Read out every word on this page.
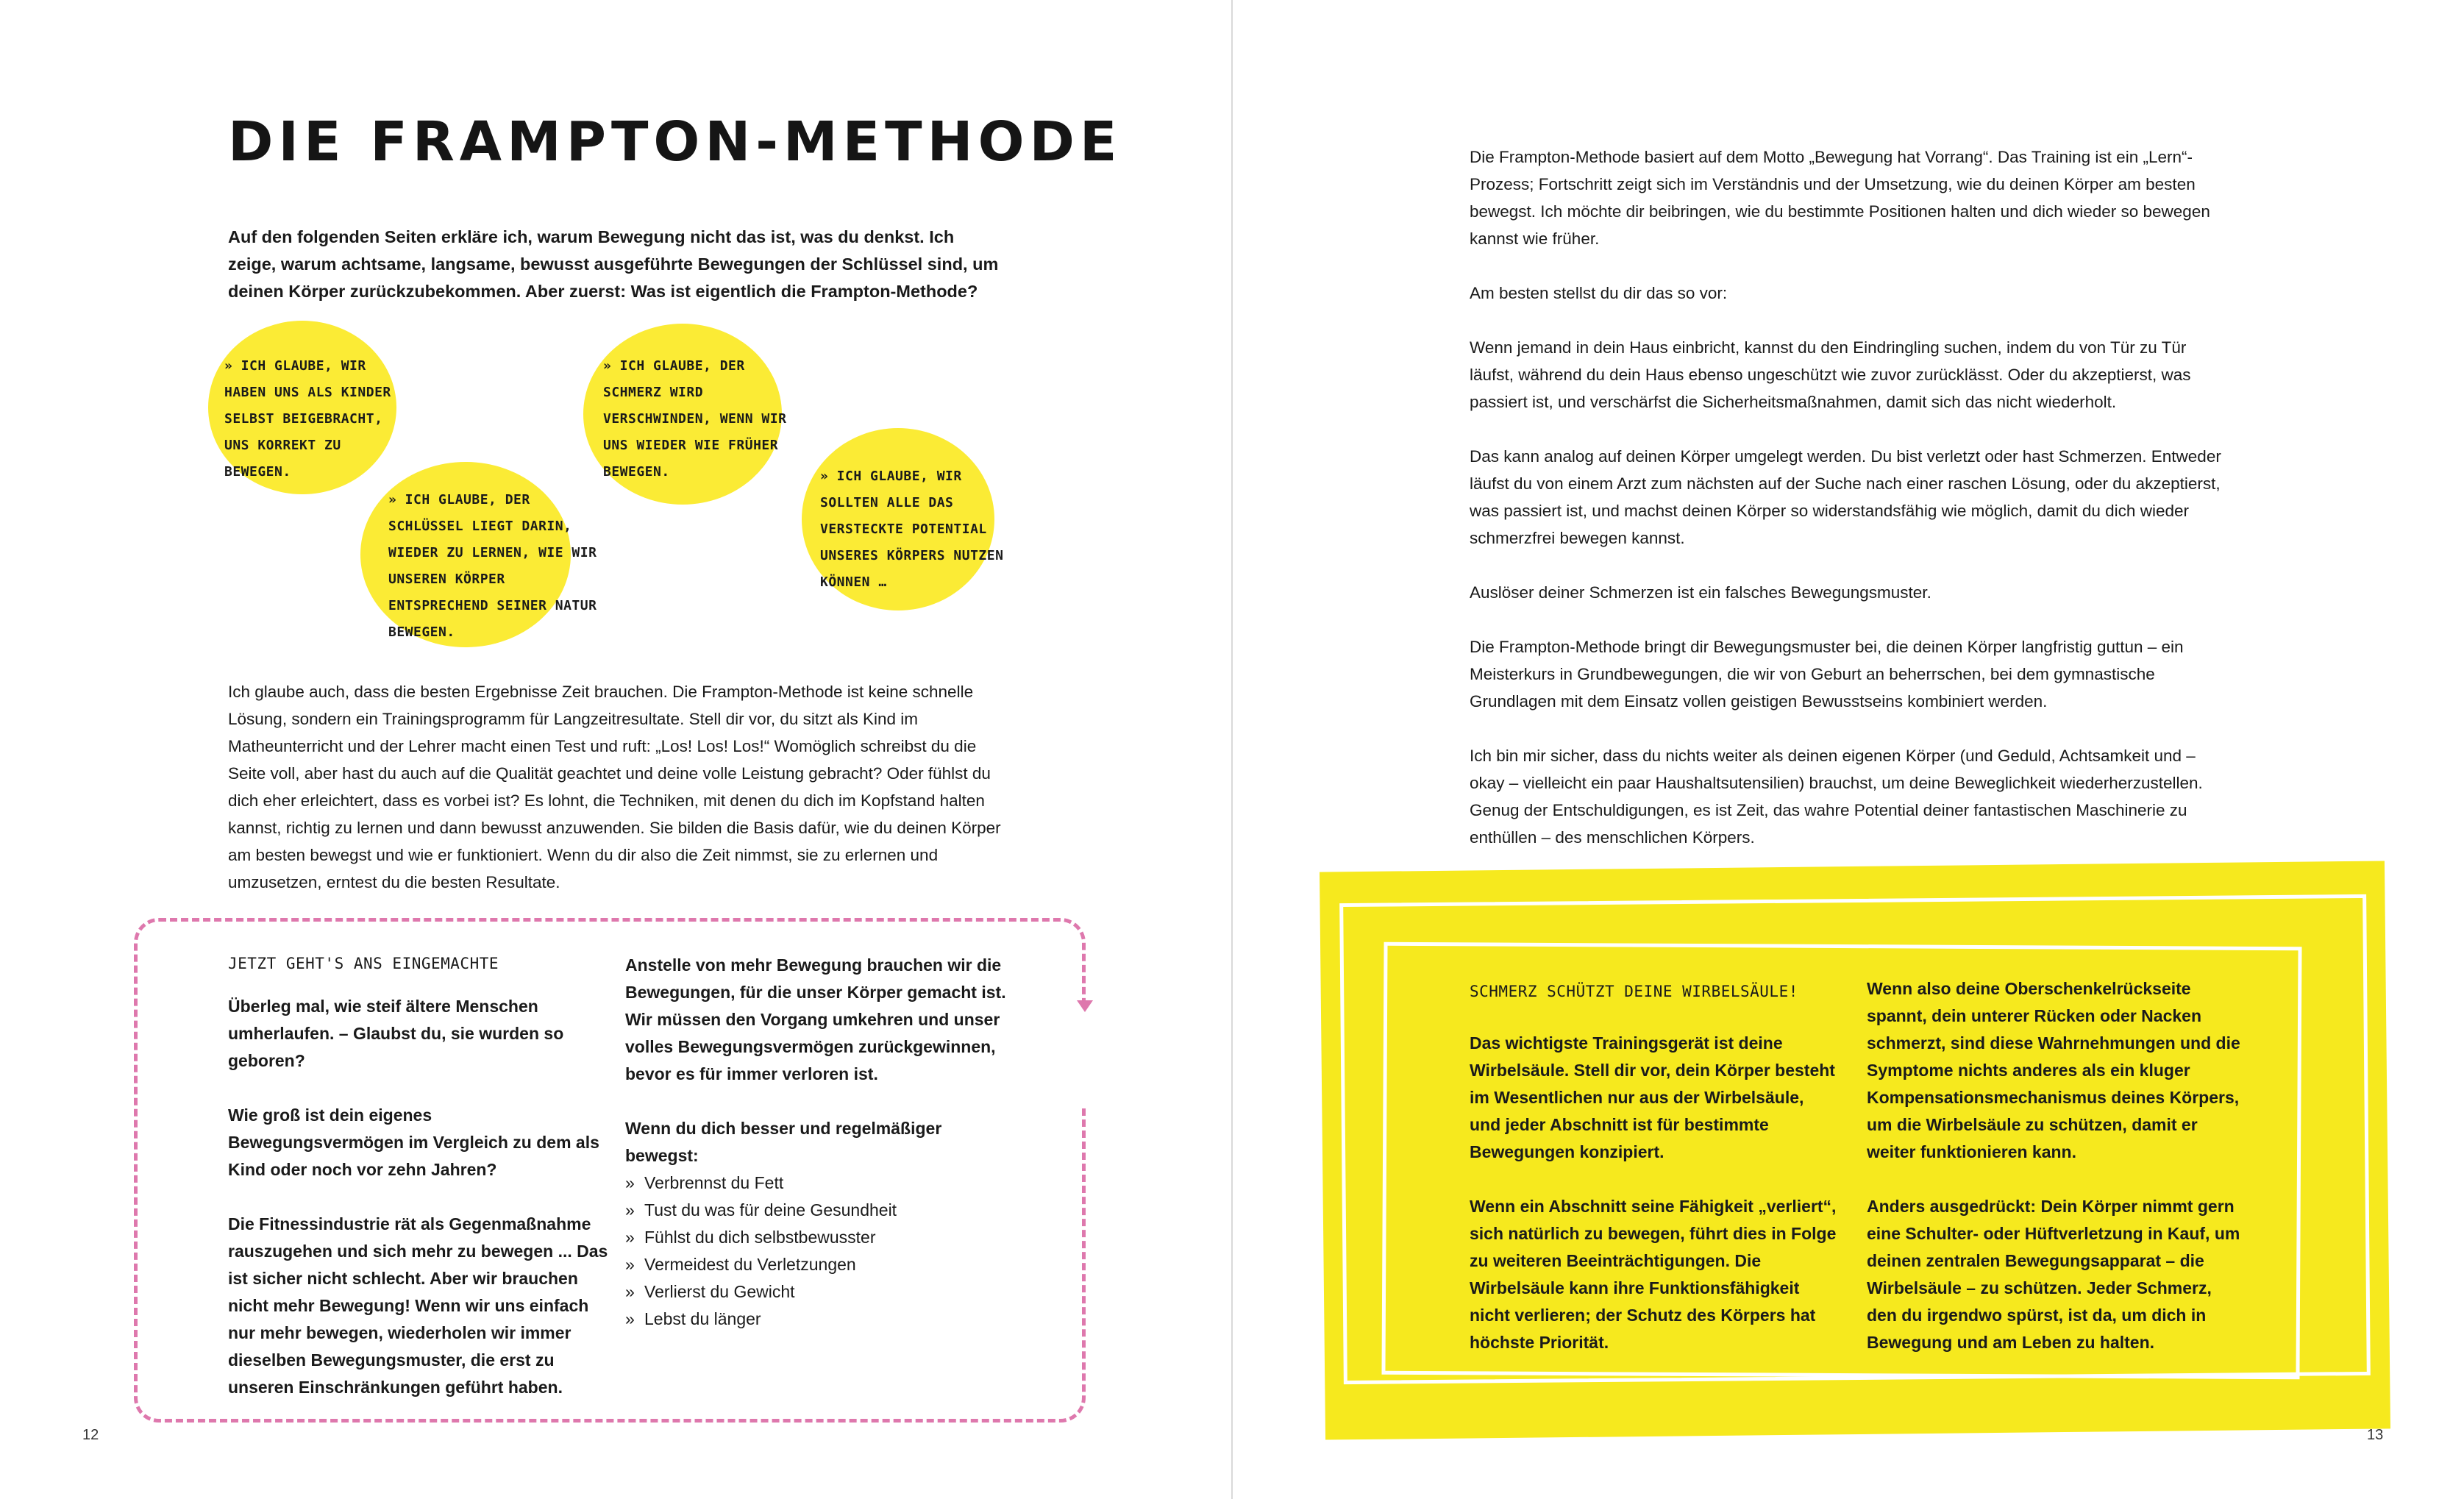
DIE FRAMPTON-METHODE

Auf den folgenden Seiten erkläre ich, warum Bewegung nicht das ist, was du denkst. Ich zeige, warum achtsame, langsame, bewusst ausgeführte Bewegungen der Schlüssel sind, um deinen Körper zurückzubekommen. Aber zuerst: Was ist eigentlich die Frampton-Methode?

» ICH GLAUBE, WIR HABEN UNS ALS KINDER SELBST BEIGEBRACHT, UNS KORREKT ZU BEWEGEN.

» ICH GLAUBE, DER SCHLÜSSEL LIEGT DARIN, WIEDER ZU LERNEN, WIE WIR UNSEREN KÖRPER ENTSPRECHEND SEINER NATUR BEWEGEN.

» ICH GLAUBE, DER SCHMERZ WIRD VERSCHWINDEN, WENN WIR UNS WIEDER WIE FRÜHER BEWEGEN.	» ICH GLAUBE, WIR SOLLTEN ALLE DAS VERSTECKTE POTENTIAL UNSERES KÖRPERS NUTZEN KÖNNEN …

Ich glaube auch, dass die besten Ergebnisse Zeit brauchen. Die Frampton-Methode ist keine schnelle Lösung, sondern ein Trainingsprogramm für Langzeitresultate. Stell dir vor, du sitzt als Kind im Matheunterricht und der Lehrer macht einen Test und ruft: „Los! Los! Los!“ Womöglich schreibst du die Seite voll, aber hast du auch auf die Qualität geachtet und deine volle Leistung gebracht? Oder fühlst du dich eher erleichtert, dass es vorbei ist? Es lohnt, die Techniken, mit denen du dich im Kopfstand halten kannst, richtig zu lernen und dann bewusst anzuwenden. Sie bilden die Basis dafür, wie du deinen Körper am besten bewegst und wie er funktioniert. Wenn du dir also die Zeit nimmst, sie zu erlernen und umzusetzen, erntest du die besten Resultate.

JETZT GEHT'S ANS EINGEMACHTE

Überleg mal, wie steif ältere Menschen umherlaufen. – Glaubst du, sie wurden so geboren?

Wie groß ist dein eigenes Bewegungsvermögen im Vergleich zu dem als Kind oder noch vor zehn Jahren?

Die Fitnessindustrie rät als Gegenmaßnahme rauszugehen und sich mehr zu bewegen ... Das ist sicher nicht schlecht. Aber wir brauchen nicht mehr Bewegung! Wenn wir uns einfach nur mehr bewegen, wiederholen wir immer dieselben Bewegungsmuster, die erst zu unseren Einschränkungen geführt haben.

Anstelle von mehr Bewegung brauchen wir die Bewegungen, für die unser Körper gemacht ist. Wir müssen den Vorgang umkehren und unser volles Bewegungsvermögen zurückgewinnen, bevor es für immer verloren ist.

Wenn du dich besser und regelmäßiger bewegst:

» Verbrennst du Fett
» Tust du was für deine Gesundheit
» Fühlst du dich selbstbewusster
» Vermeidest du Verletzungen
» Verlierst du Gewicht
» Lebst du länger

12

Die Frampton-Methode basiert auf dem Motto „Bewegung hat Vorrang“. Das Training ist ein „Lern“-Prozess; Fortschritt zeigt sich im Verständnis und der Umsetzung, wie du deinen Körper am besten bewegst. Ich möchte dir beibringen, wie du bestimmte Positionen halten und dich wieder so bewegen kannst wie früher.

Am besten stellst du dir das so vor:

Wenn jemand in dein Haus einbricht, kannst du den Eindringling suchen, indem du von Tür zu Tür läufst, während du dein Haus ebenso ungeschützt wie zuvor zurücklässt. Oder du akzeptierst, was passiert ist, und verschärfst die Sicherheitsmaßnahmen, damit sich das nicht wiederholt.

Das kann analog auf deinen Körper umgelegt werden. Du bist verletzt oder hast Schmerzen. Entweder läufst du von einem Arzt zum nächsten auf der Suche nach einer raschen Lösung, oder du akzeptierst, was passiert ist, und machst deinen Körper so widerstandsfähig wie möglich, damit du dich wieder schmerzfrei bewegen kannst.

Auslöser deiner Schmerzen ist ein falsches Bewegungsmuster.

Die Frampton-Methode bringt dir Bewegungsmuster bei, die deinen Körper langfristig guttun – ein Meisterkurs in Grundbewegungen, die wir von Geburt an beherrschen, bei dem gymnastische Grundlagen mit dem Einsatz vollen geistigen Bewusstseins kombiniert werden.

Ich bin mir sicher, dass du nichts weiter als deinen eigenen Körper (und Geduld, Achtsamkeit und – okay – vielleicht ein paar Haushaltsutensilien) brauchst, um deine Beweglichkeit wiederherzustellen. Genug der Entschuldigungen, es ist Zeit, das wahre Potential deiner fantastischen Maschinerie zu enthüllen – des menschlichen Körpers.

SCHMERZ SCHÜTZT DEINE WIRBELSÄULE!

Das wichtigste Trainingsgerät ist deine Wirbelsäule. Stell dir vor, dein Körper besteht im Wesentlichen nur aus der Wirbelsäule, und jeder Abschnitt ist für bestimmte Bewegungen konzipiert.

Wenn ein Abschnitt seine Fähigkeit „verliert“, sich natürlich zu bewegen, führt dies in Folge zu weiteren Beeinträchtigungen. Die Wirbelsäule kann ihre Funktionsfähigkeit nicht verlieren; der Schutz des Körpers hat höchste Priorität.

Wenn also deine Oberschenkelrückseite spannt, dein unterer Rücken oder Nacken schmerzt, sind diese Wahrnehmungen und die Symptome nichts anderes als ein kluger Kompensationsmechanismus deines Körpers, um die Wirbelsäule zu schützen, damit er weiter funktionieren kann.

Anders ausgedrückt: Dein Körper nimmt gern eine Schulter- oder Hüftverletzung in Kauf, um deinen zentralen Bewegungsapparat – die Wirbelsäule – zu schützen. Jeder Schmerz, den du irgendwo spürst, ist da, um dich in Bewegung und am Leben zu halten.

13
